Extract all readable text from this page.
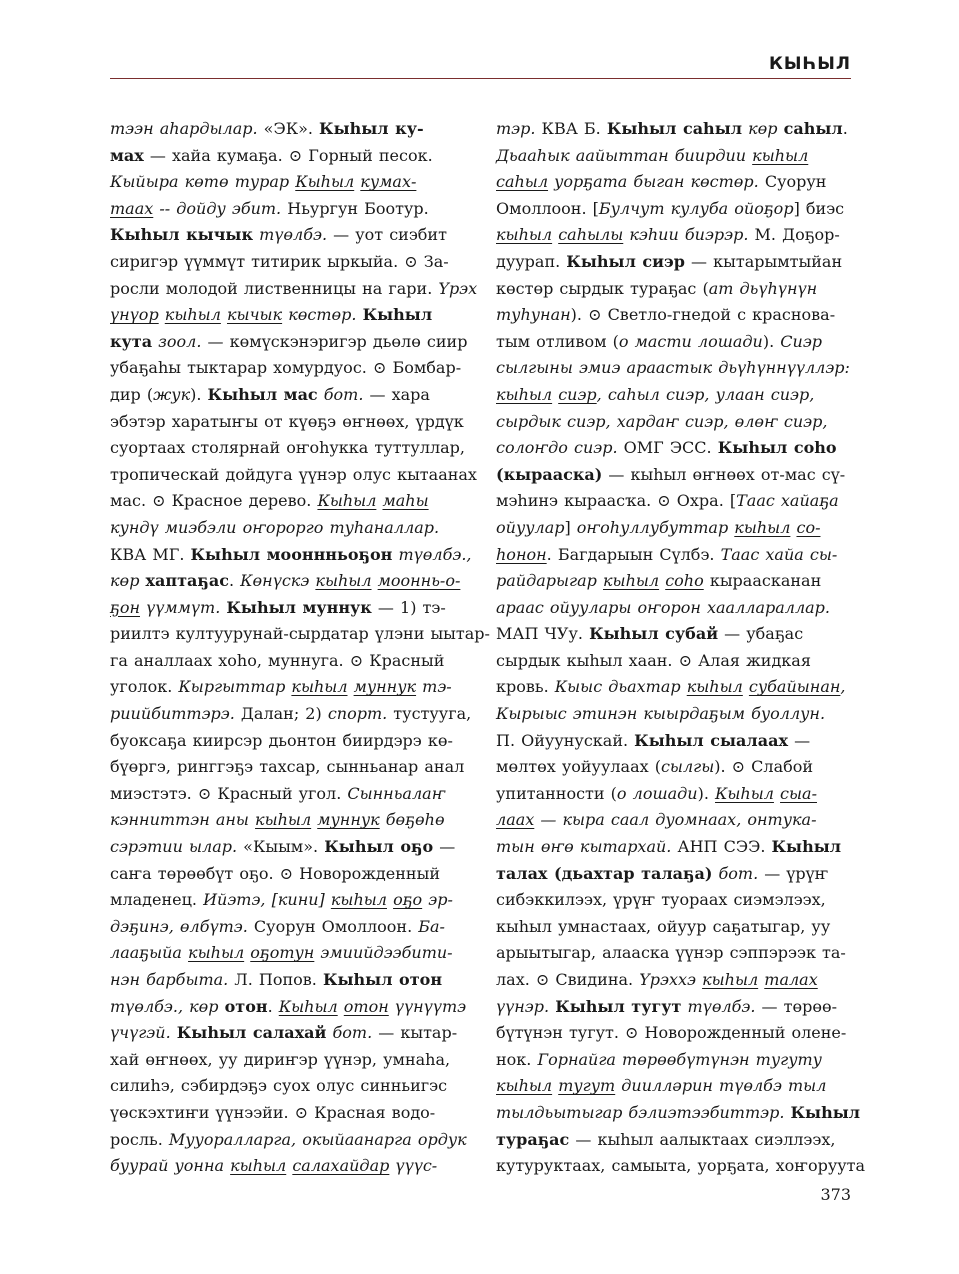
КЫҺЫЛ
тээн аһардылар. «ЭК». Кыһыл ку-
мах — хайа кумаҕа. ⊙ Горный песок.
Кыйыра көтө турар Кыһыл кумах-
таах -- дойду эбит. Ньургун Боотур.
Кыһыл кычык түөлбэ. — уот сиэбит
сиригэр үүммүт титирик ыркыйа. ⊙ За-
росли молодой лиственницы на гари. Үрэх
үнүор кыһыл кычык көстөр. Кыһыл
кута зоол. — көмүскэнэригэр дьөлө сиир
убаҕаһы тыктарар хомурдуос. ⊙ Бомбар-
дир (жук). Кыһыл мас бот. — хара
эбэтэр харатыҥы от күөҕэ өҥнөөх, үрдүк
суортаах столярнай оҥоһукка туттуллар,
тропическай дойдуга үүнэр олус кытаанах
мас. ⊙ Красное дерево. Кыһыл маһы
кундү миэбэли оҥорорго туһаналлар.
КВА МГ. Кыһыл мооннньоҕон түөлбэ.,
көр хаптаҕас. Көнүскэ кыһыл мооннь-о-
ҕон үүммүт. Кыһыл муннук — 1) тэ-
риилтэ култуурунай-сырдатар үлэни ыытар-
га аналлаах хоһо, муннуга. ⊙ Красный
уголок. Кыргыттар кыһыл муннук тэ-
риийбиттэрэ. Далан; 2) спорт. тустууга,
буоксаҕа киирсэр дьонтон биирдэрэ кө-
бүөргэ, ринггэҕэ тахсар, сынньанар анал
миэстэтэ. ⊙ Красный угол. Сынньалаҥ
кэнниттэн аны кыһыл муннук бөҕөһө
сэрэтии ылар. «Кыым». Кыһыл оҕо —
саҥа төрөөбүт оҕо. ⊙ Новорожденный
младенец. Ийэтэ, [кини] кыһыл оҕо эр-
дэҕинэ, өлбүтэ. Суорун Омоллоон. Ба-
лааҕыйа кыһыл оҕотун эмиийдээбити-
нэн барбыта. Л. Попов. Кыһыл отон
түөлбэ., көр отон. Кыһыл отон үүнүүтэ
үчүгэй. Кыһыл салахай бот. — кытар-
хай өҥнөөх, уу дириҥэр үүнэр, умнаһа,
силиһэ, сэбирдэҕэ суох олус синньигэс
үөскэхтиҥи үүнээйи. ⊙ Красная водо-
росль. Мууоралларга, окыйаанарга ордук
буурай уонна кыһыл салахайдар үүүс-
тэр. КВА Б. Кыһыл саһыл көр саһыл.
Дьааһык аайыттан биирдии кыһыл
саһыл уорҕата быган көстөр. Суорун
Омоллоон. [Булчут кулуба ойоҕор] биэс
кыһыл саһылы кэһии биэрэр. М. Доҕор-
дуурап. Кыһыл сиэр — кытарымтыйан
көстөр сырдык тураҕас (ат дьүһүнүн
туһунан). ⊙ Светло-гнедой с красновa-
тым отливом (о масти лошади). Сиэр
сылгыны эмиэ араастык дьүһүннүүллэр:
кыһыл сиэр, саһыл сиэр, улаан сиэр,
сырдык сиэр, хардаҥ сиэр, өлөҥ сиэр,
солоҥдо сиэр. ОМГ ЭСС. Кыһыл соһо
(кырааска) — кыһыл өҥнөөх от-мас сү-
мэһинэ кыраасҡа. ⊙ Охра. [Таас хайаҕа
ойуулар] оҥоһуллубуттар кыһыл со-
һонон. Багдарыын Сүлбэ. Таас хайа сы-
райдарыгар кыһыл соһо кыраасканан
араас ойуулары оҥорон хааллараллар.
МАП ЧУу. Кыһыл субай — убаҕас
сырдык кыһыл хаан. ⊙ Алая жидкая
кровь. Кыыс дьахтар кыһыл субайынан,
Кырыыс этинэн кыырдаҕым буоллун.
П. Ойуунускай. Кыһыл сыалаах —
мөлтөх уойуулаах (сылгы). ⊙ Слабой
упитанности (о лошади). Кыһыл сыа-
лаах — кыра саал дуомнаах, онтука-
тын өҥө кытархай. АНП СЭЭ. Кыһыл
талах (дьахтар талаҕа) бот. — үрүҥ
сибэккилээх, үрүҥ туораах сиэмэлээх,
кыһыл умнастаах, ойуур саҕатыгар, уу
арыытыгар, алааска үүнэр сэппэрээк та-
лах. ⊙ Свидина. Үрэххэ кыһыл талах
үүнэр. Кыһыл тугут түөлбэ. — төрөө-
бүтүнэн тугут. ⊙ Новорожденный олене-
нок. Горнайга төрөөбүтүнэн тугуту
кыһыл тугут диилләрин түөлбэ тыл
тылдьытыгар бэлиэтээбиттэр. Кыһыл
тураҕас — кыһыл аалыктаах сиэллээх,
кутуруктаах, самыыта, уорҕата, хоҥоруута
373
